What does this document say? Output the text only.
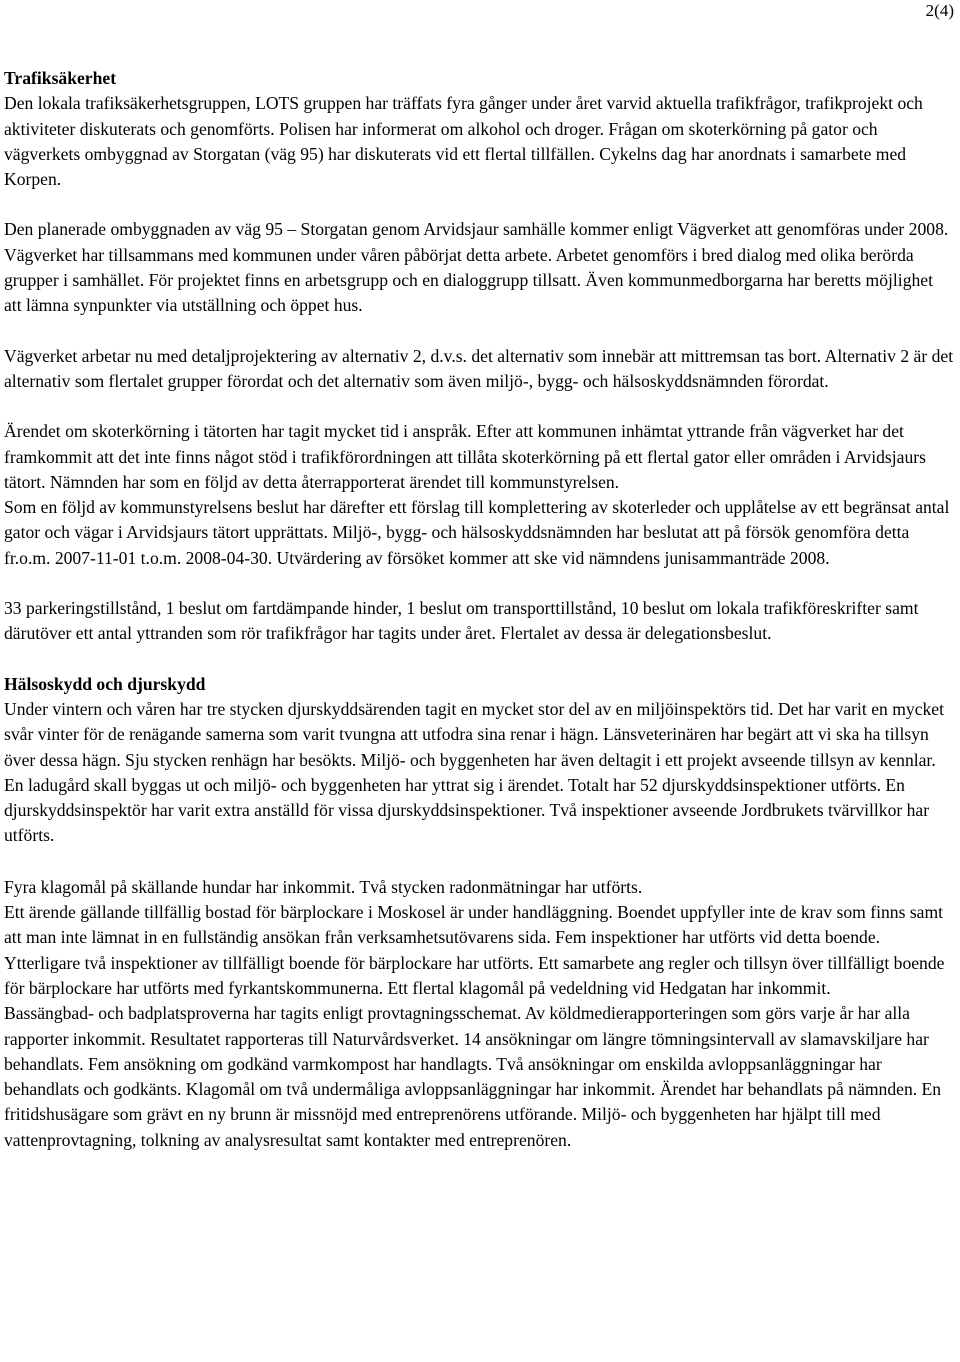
2(4)

Trafiksäkerhet

Den lokala trafiksäkerhetsgruppen, LOTS gruppen har träffats fyra gånger under året varvid aktuella trafikfrågor, trafikprojekt och aktiviteter diskuterats och genomförts. Polisen har informerat om alkohol och droger. Frågan om skoterkörning på gator och vägverkets ombyggnad av Storgatan (väg 95) har diskuterats vid ett flertal tillfällen. Cykelns dag har anordnats i samarbete med Korpen.

Den planerade ombyggnaden av väg 95 – Storgatan genom Arvidsjaur samhälle kommer enligt Vägverket att genomföras under 2008. Vägverket har tillsammans med kommunen under våren påbörjat detta arbete. Arbetet genomförs i bred dialog med olika berörda grupper i samhället. För projektet finns en arbetsgrupp och en dialoggrupp tillsatt. Även kommunmedborgarna har beretts möjlighet att lämna synpunkter via utställning och öppet hus.

Vägverket arbetar nu med detaljprojektering av alternativ 2, d.v.s. det alternativ som innebär att mittremsan tas bort. Alternativ 2 är det alternativ som flertalet grupper förordat och det alternativ som även miljö-, bygg- och hälsoskyddsnämnden förordat.

Ärendet om skoterkörning i tätorten har tagit mycket tid i anspråk. Efter att kommunen inhämtat yttrande från vägverket har det framkommit att det inte finns något stöd i trafikförordningen att tillåta skoterkörning på ett flertal gator eller områden i Arvidsjaurs tätort. Nämnden har som en följd av detta återrapporterat ärendet till kommunstyrelsen.

Som en följd av kommunstyrelsens beslut har därefter ett förslag till komplettering av skoterleder och upplåtelse av ett begränsat antal gator och vägar i Arvidsjaurs tätort upprättats. Miljö-, bygg- och hälsoskyddsnämnden har beslutat att på försök genomföra detta fr.o.m. 2007-11-01 t.o.m. 2008-04-30. Utvärdering av försöket kommer att ske vid nämndens junisammanträde 2008.

33 parkeringstillstånd, 1 beslut om fartdämpande hinder, 1 beslut om transporttillstånd, 10 beslut om lokala trafikföreskrifter samt därutöver ett antal yttranden som rör trafikfrågor har tagits under året. Flertalet av dessa är delegationsbeslut.

Hälsoskydd och djurskydd

Under vintern och våren har tre stycken djurskyddsärenden tagit en mycket stor del av en miljöinspektörs tid. Det har varit en mycket svår vinter för de renägande samerna som varit tvungna att utfodra sina renar i hägn. Länsveterinären har begärt att vi ska ha tillsyn över dessa hägn. Sju stycken renhägn har besökts. Miljö- och byggenheten har även deltagit i ett projekt avseende tillsyn av kennlar. En ladugård skall byggas ut och miljö- och byggenheten har yttrat sig i ärendet. Totalt har 52 djurskyddsinspektioner utförts. En djurskyddsinspektör har varit extra anställd för vissa djurskyddsinspektioner. Två inspektioner avseende Jordbrukets tvärvillkor har utförts.

Fyra klagomål på skällande hundar har inkommit. Två stycken radonmätningar har utförts.

Ett ärende gällande tillfällig bostad för bärplockare i Moskosel är under handläggning. Boendet uppfyller inte de krav som finns samt att man inte lämnat in en fullständig ansökan från verksamhetsutövarens sida. Fem inspektioner har utförts vid detta boende. Ytterligare två inspektioner av tillfälligt boende för bärplockare har utförts. Ett samarbete ang regler och tillsyn över tillfälligt boende för bärplockare har utförts med fyrkantskommunerna. Ett flertal klagomål på vedeldning vid Hedgatan har inkommit.

Bassängbad- och badplatsproverna har tagits enligt provtagningsschemat. Av köldmedierapporteringen som görs varje år har alla rapporter inkommit. Resultatet rapporteras till Naturvårdsverket. 14 ansökningar om längre tömningsintervall av slamavskiljare har behandlats. Fem ansökning om godkänd varmkompost har handlagts. Två ansökningar om enskilda avloppsanläggningar har behandlats och godkänts. Klagomål om två undermåliga avloppsanläggningar har inkommit. Ärendet har behandlats på nämnden. En fritidshusägare som grävt en ny brunn är missnöjd med entreprenörens utförande. Miljö- och byggenheten har hjälpt till med vattenprovtagning, tolkning av analysresultat samt kontakter med entreprenören.
